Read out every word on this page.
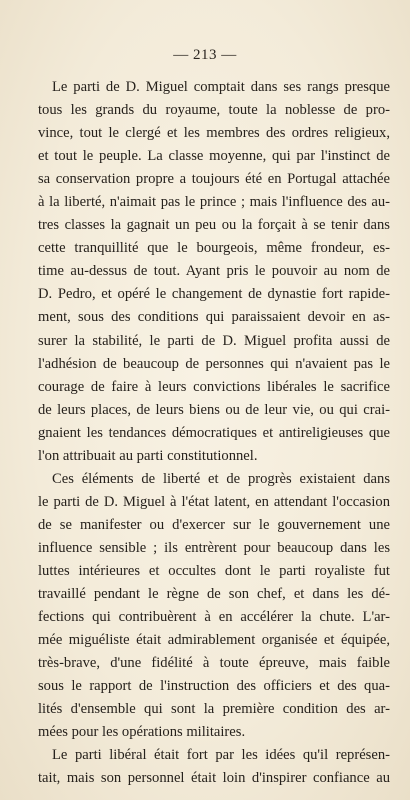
— 213 —
Le parti de D. Miguel comptait dans ses rangs presque
tous les grands du royaume, toute la noblesse de pro-
vince, tout le clergé et les membres des ordres religieux,
et tout le peuple. La classe moyenne, qui par l'instinct de
sa conservation propre a toujours été en Portugal attachée
à la liberté, n'aimait pas le prince ; mais l'influence des au-
tres classes la gagnait un peu ou la forçait à se tenir dans
cette tranquillité que le bourgeois, même frondeur, es-
time au-dessus de tout. Ayant pris le pouvoir au nom de
D. Pedro, et opéré le changement de dynastie fort rapide-
ment, sous des conditions qui paraissaient devoir en as-
surer la stabilité, le parti de D. Miguel profita aussi de
l'adhésion de beaucoup de personnes qui n'avaient pas le
courage de faire à leurs convictions libérales le sacrifice
de leurs places, de leurs biens ou de leur vie, ou qui crai-
gnaient les tendances démocratiques et antireligieuses que
l'on attribuait au parti constitutionnel.
Ces éléments de liberté et de progrès existaient dans
le parti de D. Miguel à l'état latent, en attendant l'occasion
de se manifester ou d'exercer sur le gouvernement une
influence sensible ; ils entrèrent pour beaucoup dans les
luttes intérieures et occultes dont le parti royaliste fut
travaillé pendant le règne de son chef, et dans les dé-
fections qui contribuèrent à en accélérer la chute. L'ar-
mée miguéliste était admirablement organisée et équipée,
très-brave, d'une fidélité à toute épreuve, mais faible
sous le rapport de l'instruction des officiers et des qua-
lités d'ensemble qui sont la première condition des ar-
mées pour les opérations militaires.
Le parti libéral était fort par les idées qu'il représen-
tait, mais son personnel était loin d'inspirer confiance au
